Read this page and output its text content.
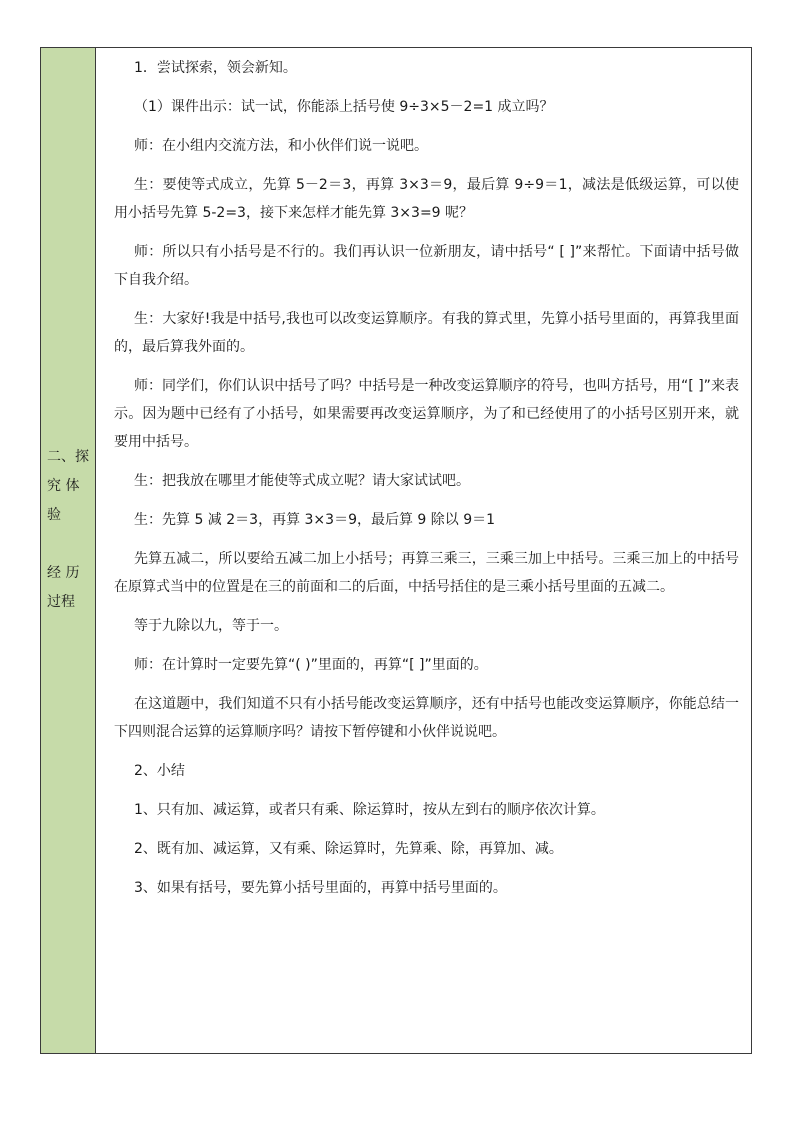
二、探
究 体
验
经 历
过程

1．尝试探索，领会新知。

（1）课件出示：试一试，你能添上括号使 9÷3×5－2=1 成立吗？

师：在小组内交流方法，和小伙伴们说一说吧。

生：要使等式成立，先算 5－2＝3，再算 3×3＝9，最后算 9÷9＝1，减法是低级运算，可以使用小括号先算 5-2=3，接下来怎样才能先算 3×3=9 呢？

师：所以只有小括号是不行的。我们再认识一位新朋友，请中括号“ [ ]”来帮忙。下面请中括号做下自我介绍。

生：大家好!我是中括号,我也可以改变运算顺序。有我的算式里，先算小括号里面的，再算我里面的，最后算我外面的。

师：同学们，你们认识中括号了吗？中括号是一种改变运算顺序的符号，也叫方括号，用“[ ]”来表示。因为题中已经有了小括号，如果需要再改变运算顺序，为了和已经使用了的小括号区别开来，就要用中括号。

生：把我放在哪里才能使等式成立呢？请大家试试吧。

生：先算 5 减 2＝3，再算 3×3＝9，最后算 9 除以 9＝1

先算五减二，所以要给五减二加上小括号；再算三乘三，三乘三加上中括号。三乘三加上的中括号在原算式当中的位置是在三的前面和二的后面，中括号括住的是三乘小括号里面的五减二。

等于九除以九，等于一。

师：在计算时一定要先算“( )”里面的，再算“[ ]”里面的。

在这道题中，我们知道不只有小括号能改变运算顺序，还有中括号也能改变运算顺序，你能总结一下四则混合运算的运算顺序吗？请按下暂停键和小伙伴说说吧。

2、小结

1、只有加、减运算，或者只有乘、除运算时，按从左到右的顺序依次计算。

2、既有加、减运算，又有乘、除运算时，先算乘、除，再算加、减。

3、如果有括号，要先算小括号里面的，再算中括号里面的。
